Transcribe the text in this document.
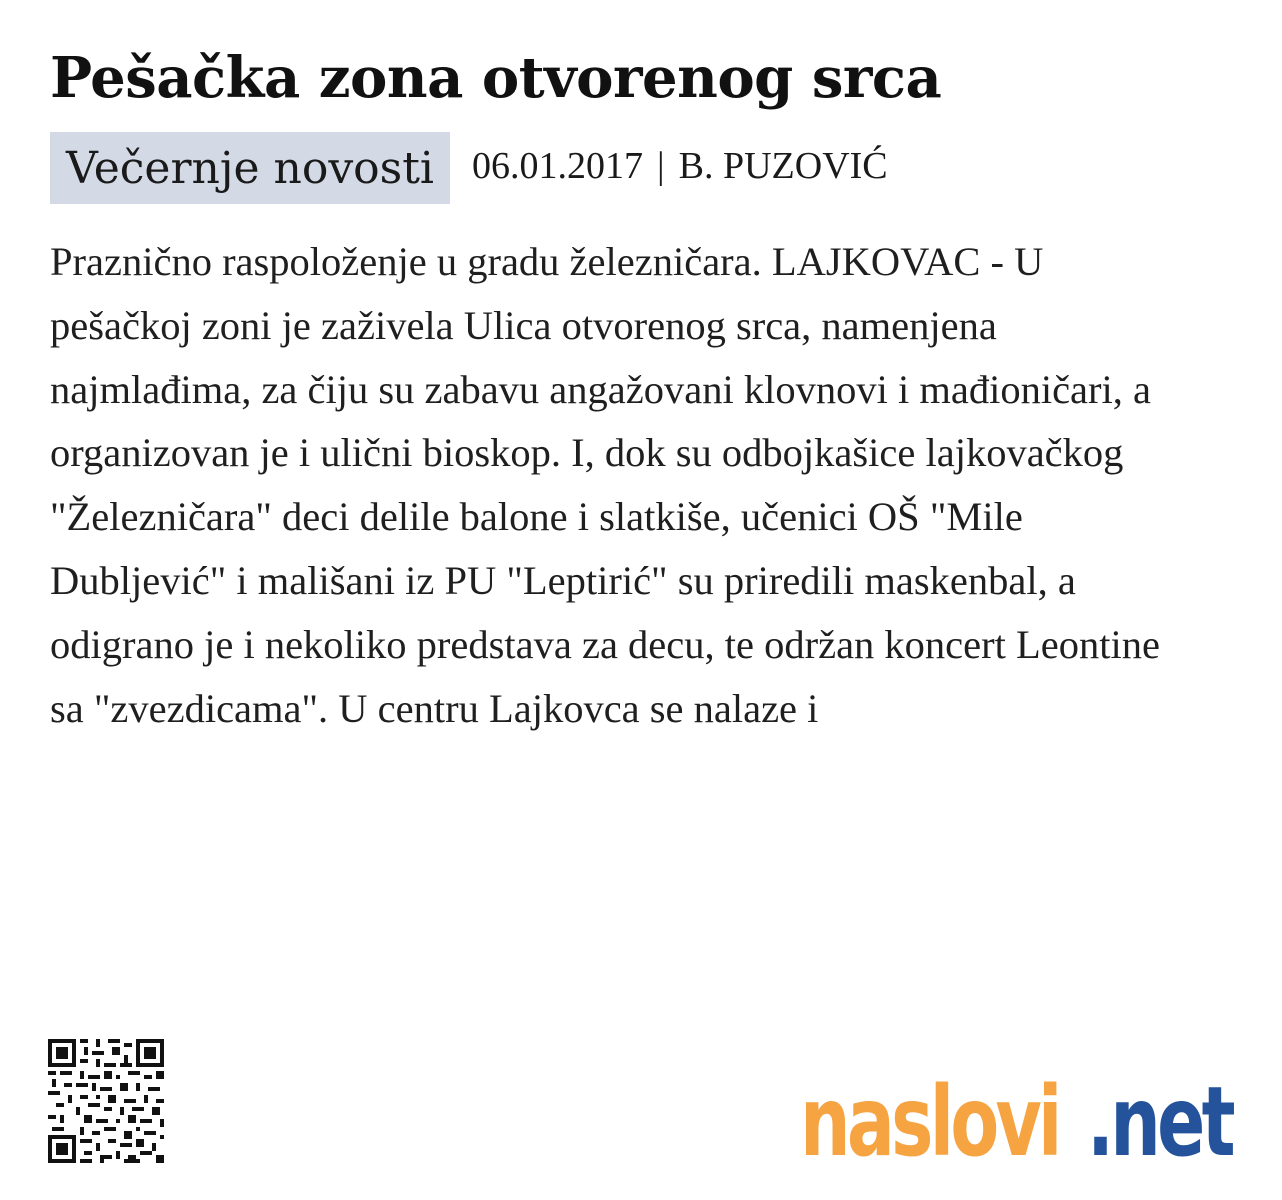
Pešačka zona otvorenog srca
Večernje novosti 06.01.2017 | B. PUZOVIĆ
Praznično raspoloženje u gradu železničara. LAJKOVAC - U pešačkoj zoni je zaživela Ulica otvorenog srca, namenjena najmlađima, za čiju su zabavu angažovani klovnovi i mađioničari, a organizovan je i ulični bioskop. I, dok su odbojkašice lajkovačkog "Železničara" deci delile balone i slatkiše, učenici OŠ "Mile Dubljević" i mališani iz PU "Leptirić" su priredili maskenbal, a odigrano je i nekoliko predstava za decu, te održan koncert Leontine sa "zvezdicama". U centru Lajkovca se nalaze i
naslovi .net
